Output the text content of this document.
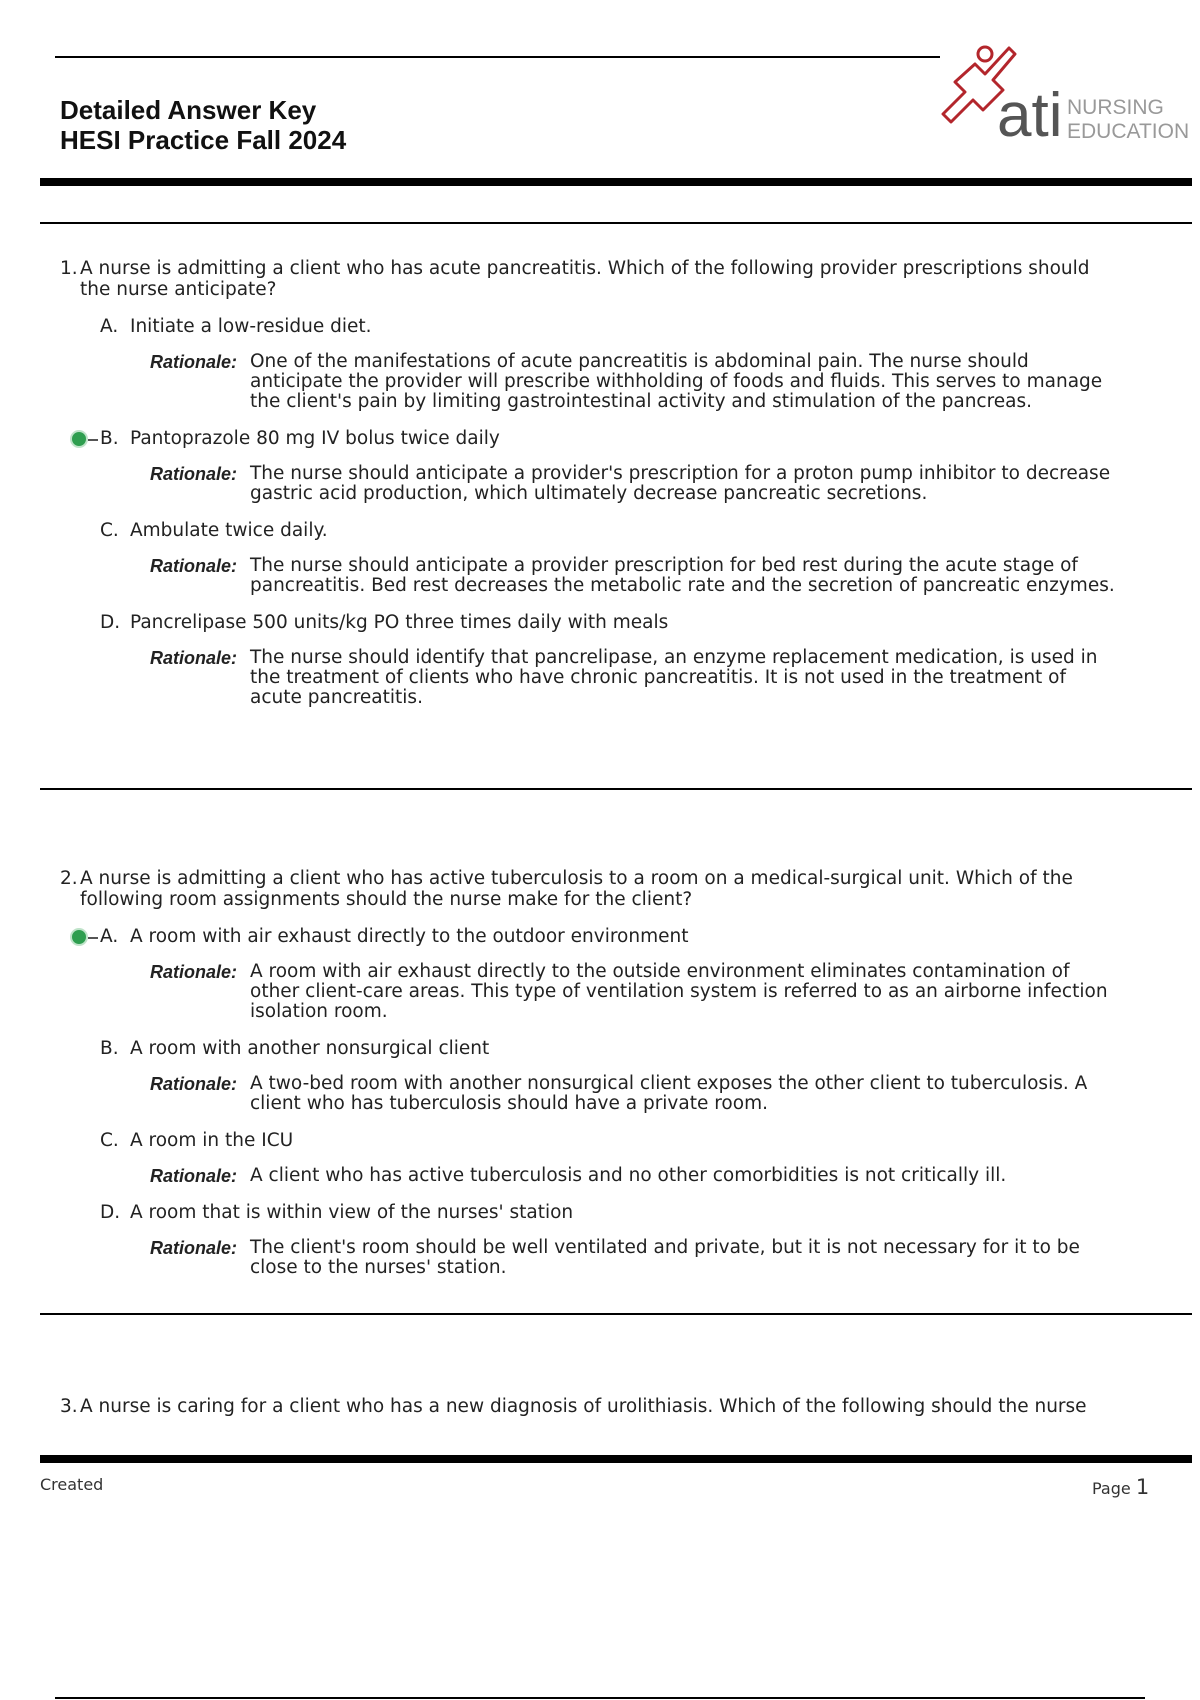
Detailed Answer Key
HESI Practice Fall 2024	ati NURSING
EDUCATION

1. A nurse is admitting a client who has acute pancreatitis. Which of the following provider prescriptions should the nurse anticipate?

A. Initiate a low-residue diet.
Rationale: One of the manifestations of acute pancreatitis is abdominal pain. The nurse should anticipate the provider will prescribe withholding of foods and fluids. This serves to manage the client's pain by limiting gastrointestinal activity and stimulation of the pancreas.
B. Pantoprazole 80 mg IV bolus twice daily
Rationale: The nurse should anticipate a provider's prescription for a proton pump inhibitor to decrease gastric acid production, which ultimately decrease pancreatic secretions.
C. Ambulate twice daily.
Rationale: The nurse should anticipate a provider prescription for bed rest during the acute stage of pancreatitis. Bed rest decreases the metabolic rate and the secretion of pancreatic enzymes.
D. Pancrelipase 500 units/kg PO three times daily with meals
Rationale: The nurse should identify that pancrelipase, an enzyme replacement medication, is used in the treatment of clients who have chronic pancreatitis. It is not used in the treatment of acute pancreatitis.

2. A nurse is admitting a client who has active tuberculosis to a room on a medical-surgical unit. Which of the following room assignments should the nurse make for the client?

A. A room with air exhaust directly to the outdoor environment
Rationale: A room with air exhaust directly to the outside environment eliminates contamination of other client-care areas. This type of ventilation system is referred to as an airborne infection isolation room.
B. A room with another nonsurgical client
Rationale: A two-bed room with another nonsurgical client exposes the other client to tuberculosis. A client who has tuberculosis should have a private room.
C. A room in the ICU
Rationale: A client who has active tuberculosis and no other comorbidities is not critically ill.
D. A room that is within view of the nurses' station
Rationale: The client's room should be well ventilated and private, but it is not necessary for it to be close to the nurses' station.

3. A nurse is caring for a client who has a new diagnosis of urolithiasis. Which of the following should the nurse

Created	Page 1
